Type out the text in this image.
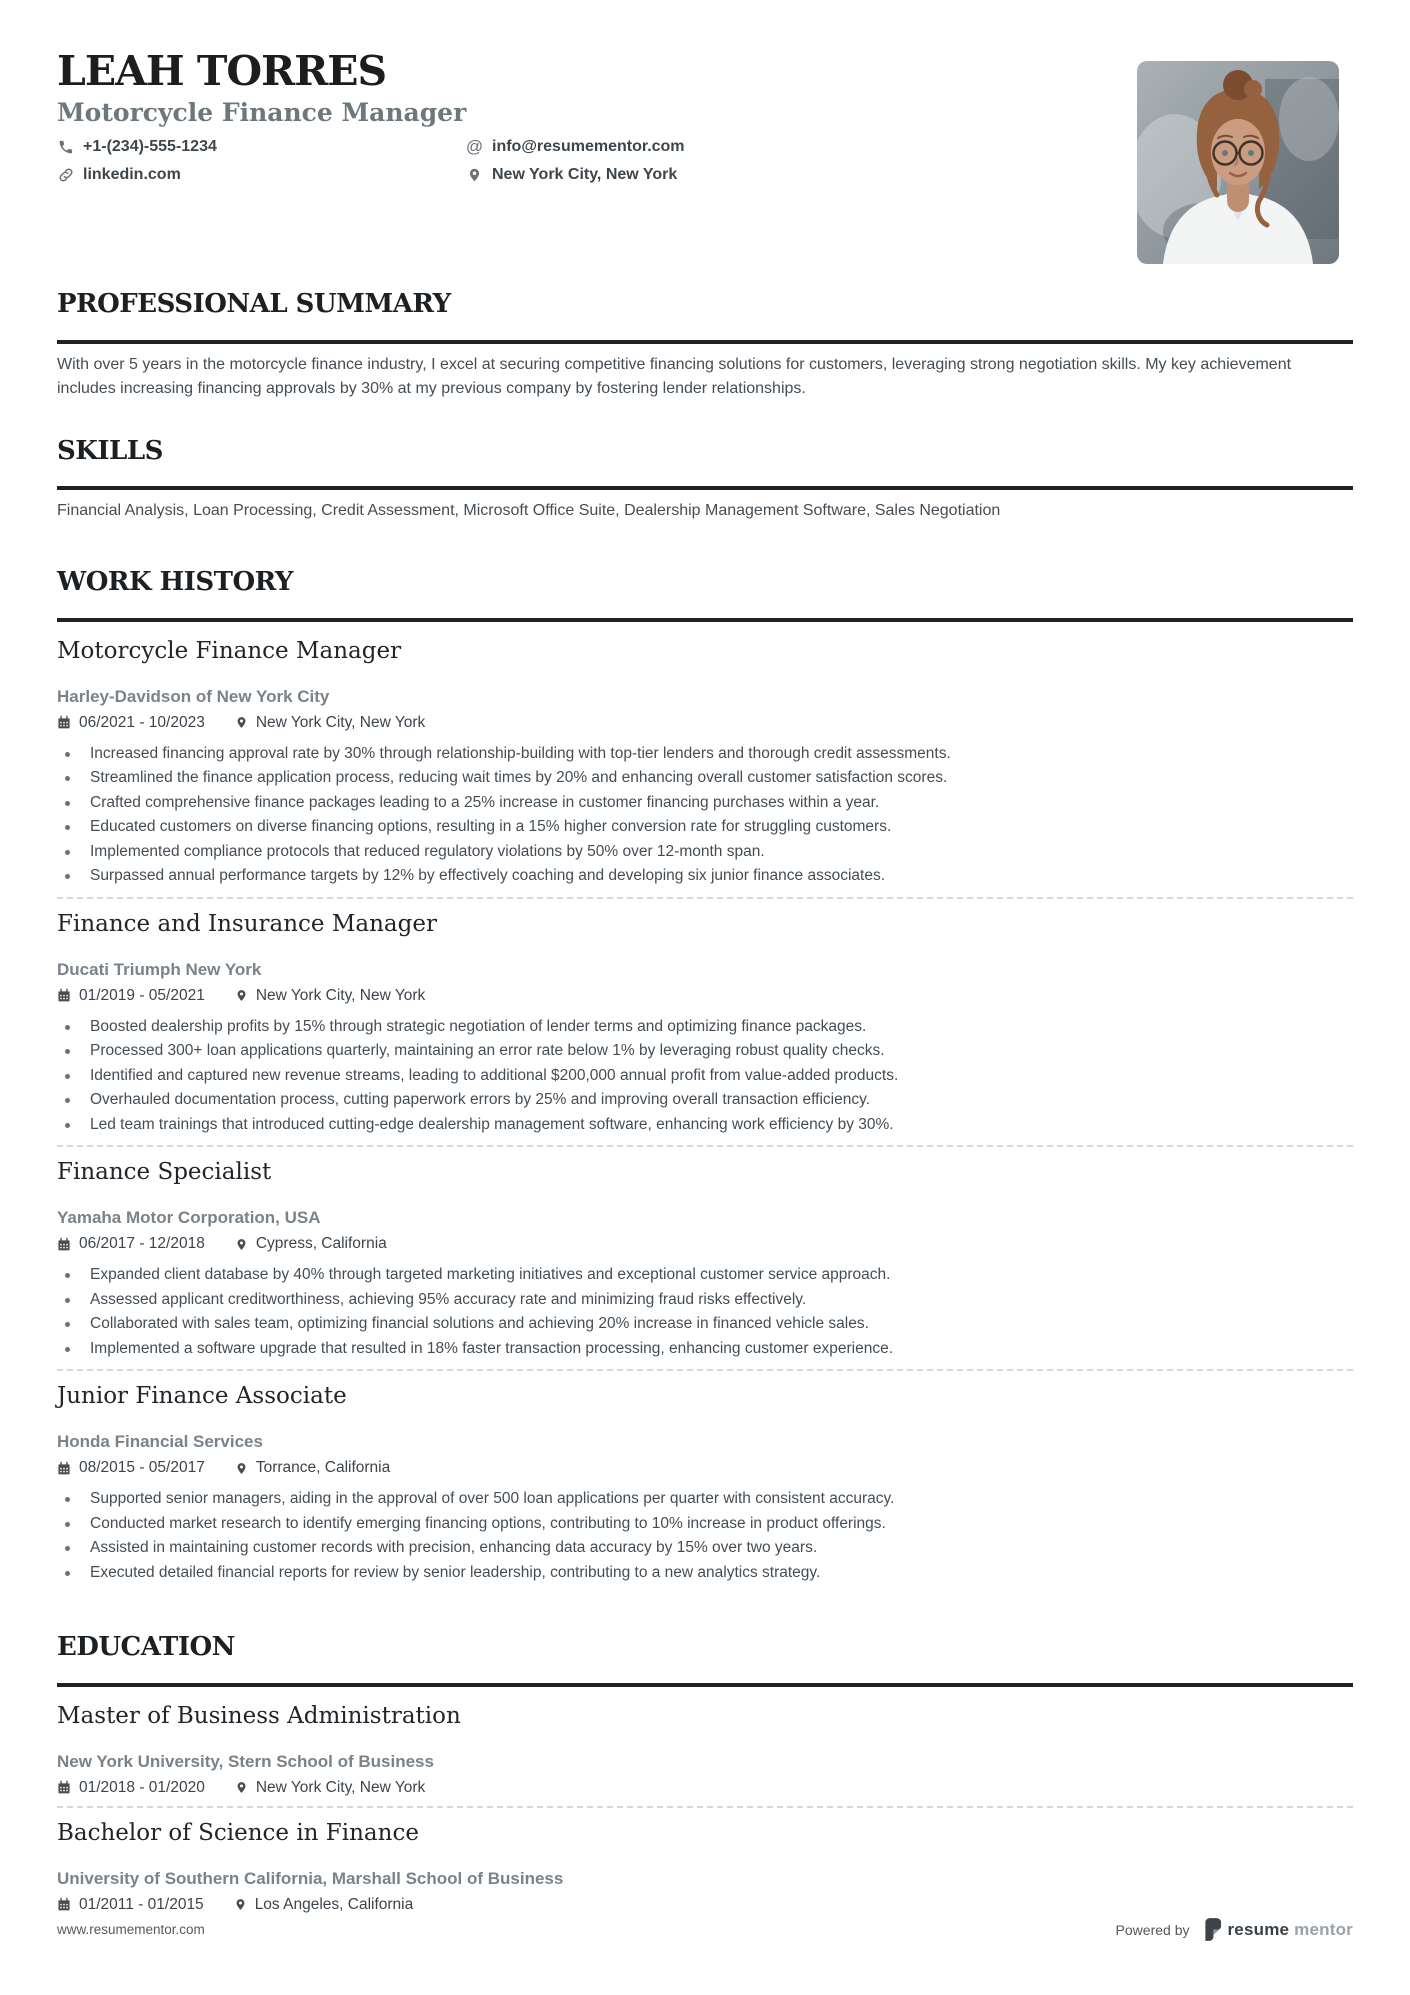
LEAH TORRES
Motorcycle Finance Manager
+1-(234)-555-1234	@ info@resumementor.com
linkedin.com	New York City, New York
PROFESSIONAL SUMMARY

With over 5 years in the motorcycle finance industry, I excel at securing competitive financing solutions for customers, leveraging strong negotiation skills. My key achievement includes increasing financing approvals by 30% at my previous company by fostering lender relationships.

SKILLS

Financial Analysis, Loan Processing, Credit Assessment, Microsoft Office Suite, Dealership Management Software, Sales Negotiation

WORK HISTORY
Motorcycle Finance Manager
Harley-Davidson of New York City
06/2021 - 10/2023	New York City, New York
Increased financing approval rate by 30% through relationship-building with top-tier lenders and thorough credit assessments.
Streamlined the finance application process, reducing wait times by 20% and enhancing overall customer satisfaction scores.
Crafted comprehensive finance packages leading to a 25% increase in customer financing purchases within a year.
Educated customers on diverse financing options, resulting in a 15% higher conversion rate for struggling customers.
Implemented compliance protocols that reduced regulatory violations by 50% over 12-month span.
Surpassed annual performance targets by 12% by effectively coaching and developing six junior finance associates.
Finance and Insurance Manager
Ducati Triumph New York
01/2019 - 05/2021	New York City, New York
Boosted dealership profits by 15% through strategic negotiation of lender terms and optimizing finance packages.
Processed 300+ loan applications quarterly, maintaining an error rate below 1% by leveraging robust quality checks.
Identified and captured new revenue streams, leading to additional $200,000 annual profit from value-added products.
Overhauled documentation process, cutting paperwork errors by 25% and improving overall transaction efficiency.
Led team trainings that introduced cutting-edge dealership management software, enhancing work efficiency by 30%.
Finance Specialist
Yamaha Motor Corporation, USA
06/2017 - 12/2018	Cypress, California
Expanded client database by 40% through targeted marketing initiatives and exceptional customer service approach.
Assessed applicant creditworthiness, achieving 95% accuracy rate and minimizing fraud risks effectively.
Collaborated with sales team, optimizing financial solutions and achieving 20% increase in financed vehicle sales.
Implemented a software upgrade that resulted in 18% faster transaction processing, enhancing customer experience.
Junior Finance Associate
Honda Financial Services
08/2015 - 05/2017	Torrance, California
Supported senior managers, aiding in the approval of over 500 loan applications per quarter with consistent accuracy.
Conducted market research to identify emerging financing options, contributing to 10% increase in product offerings.
Assisted in maintaining customer records with precision, enhancing data accuracy by 15% over two years.
Executed detailed financial reports for review by senior leadership, contributing to a new analytics strategy.
EDUCATION
Master of Business Administration
New York University, Stern School of Business
01/2018 - 01/2020	New York City, New York
Bachelor of Science in Finance
University of Southern California, Marshall School of Business
01/2011 - 01/2015	Los Angeles, California
www.resumementor.com	Powered by resume mentor
